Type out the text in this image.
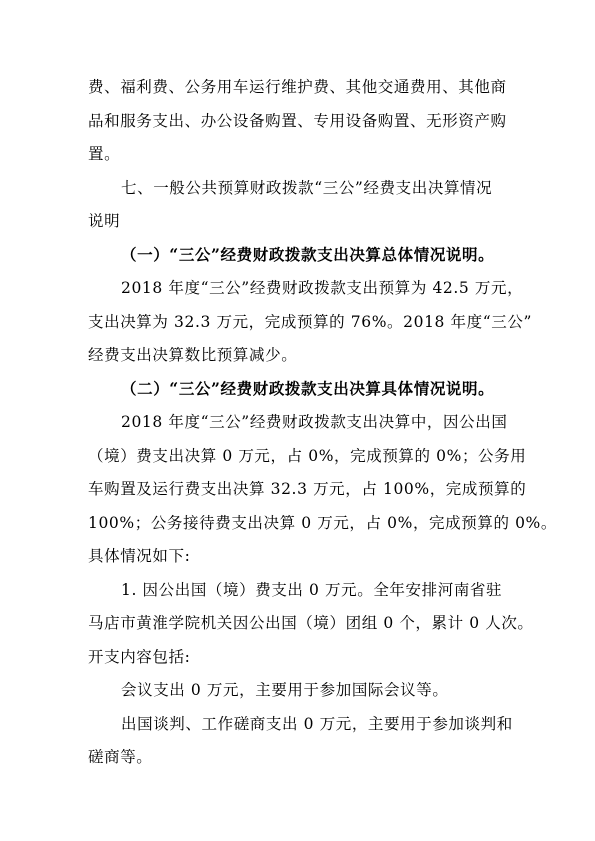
费、福利费、公务用车运行维护费、其他交通费用、其他商
品和服务支出、办公设备购置、专用设备购置、无形资产购
置。
七、一般公共预算财政拨款“三公”经费支出决算情况
说明
（一）“三公”经费财政拨款支出决算总体情况说明。
2018 年度“三公”经费财政拨款支出预算为 42.5 万元，
支出决算为 32.3 万元，完成预算的 76%。2018 年度“三公”
经费支出决算数比预算减少。
（二）“三公”经费财政拨款支出决算具体情况说明。
2018 年度“三公”经费财政拨款支出决算中，因公出国
（境）费支出决算 0 万元，占 0%，完成预算的 0%；公务用
车购置及运行费支出决算 32.3 万元，占 100%，完成预算的
100%；公务接待费支出决算 0 万元，占 0%，完成预算的 0%。
具体情况如下:
1. 因公出国（境）费支出 0 万元。全年安排河南省驻
马店市黄淮学院机关因公出国（境）团组 0 个，累计 0 人次。
开支内容包括:
会议支出 0 万元，主要用于参加国际会议等。
出国谈判、工作磋商支出 0 万元，主要用于参加谈判和
磋商等。
